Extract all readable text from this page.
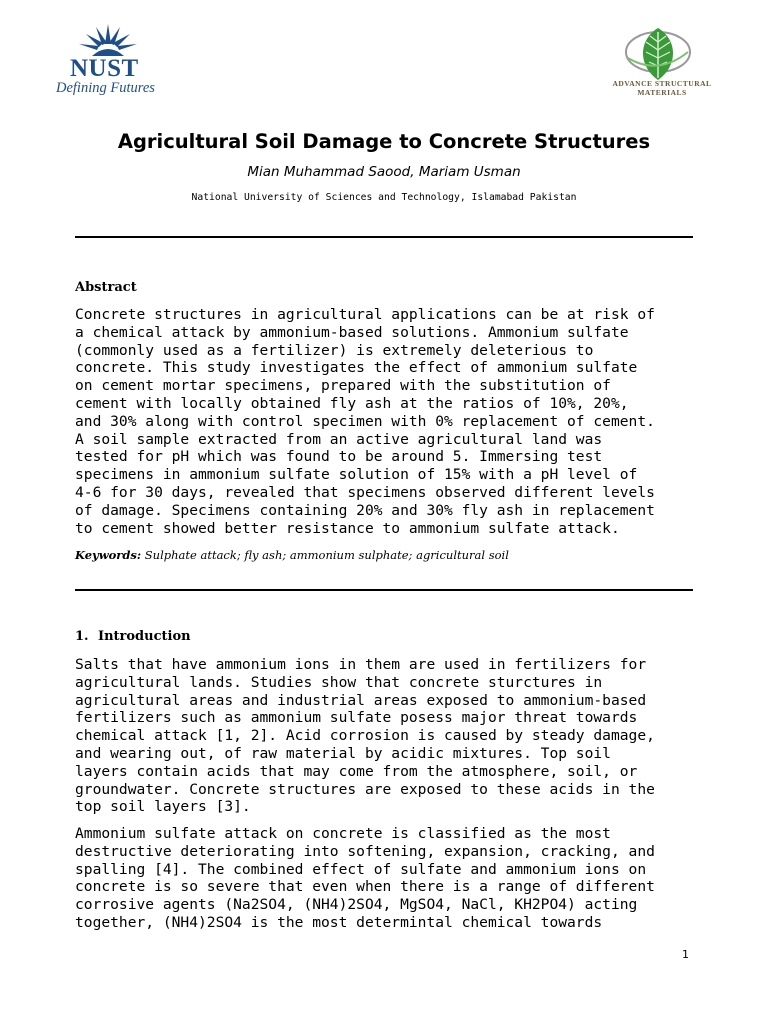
NUST
Defining Futures	ADVANCE STRUCTURAL
MATERIALS
Agricultural Soil Damage to Concrete Structures
Mian Muhammad Saood, Mariam Usman
National University of Sciences and Technology, Islamabad Pakistan
Abstract

Concrete structures in agricultural applications can be at risk of
a chemical attack by ammonium-based solutions. Ammonium sulfate
(commonly used as a fertilizer) is extremely deleterious to
concrete. This study investigates the effect of ammonium sulfate
on cement mortar specimens, prepared with the substitution of
cement with locally obtained fly ash at the ratios of 10%, 20%,
and 30% along with control specimen with 0% replacement of cement.
A soil sample extracted from an active agricultural land was
tested for pH which was found to be around 5. Immersing test
specimens in ammonium sulfate solution of 15% with a pH level of
4-6 for 30 days, revealed that specimens observed different levels
of damage. Specimens containing 20% and 30% fly ash in replacement
to cement showed better resistance to ammonium sulfate attack.

Keywords: Sulphate attack; fly ash; ammonium sulphate; agricultural soil
1. Introduction

Salts that have ammonium ions in them are used in fertilizers for
agricultural lands. Studies show that concrete sturctures in
agricultural areas and industrial areas exposed to ammonium-based
fertilizers such as ammonium sulfate posess major threat towards
chemical attack [1, 2]. Acid corrosion is caused by steady damage,
and wearing out, of raw material by acidic mixtures. Top soil
layers contain acids that may come from the atmosphere, soil, or
groundwater. Concrete structures are exposed to these acids in the
top soil layers [3].

Ammonium sulfate attack on concrete is classified as the most
destructive deteriorating into softening, expansion, cracking, and
spalling [4]. The combined effect of sulfate and ammonium ions on
concrete is so severe that even when there is a range of different
corrosive agents (Na2SO4, (NH4)2SO4, MgSO4, NaCl, KH2PO4) acting
together, (NH4)2SO4 is the most determintal chemical towards

1
